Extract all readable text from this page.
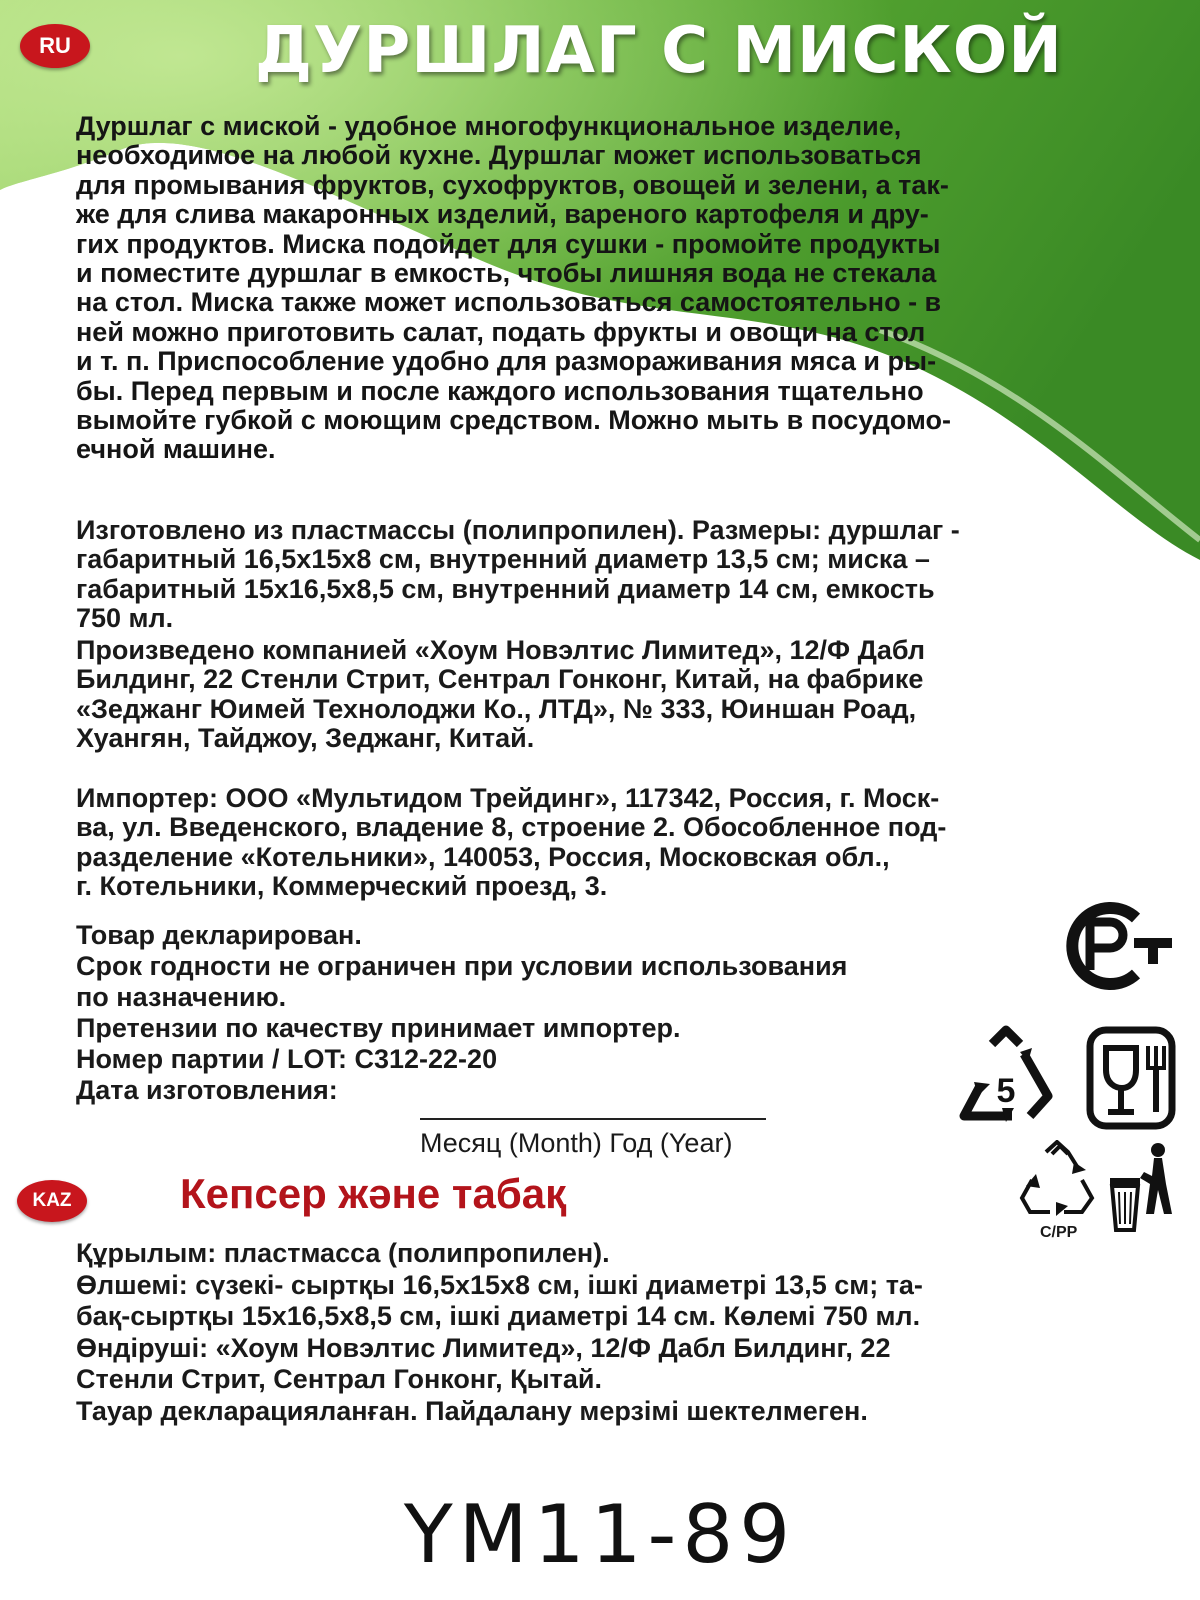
RU	ДУРШЛАГ С МИСКОЙ
Дуршлаг с миской - удобное многофункциональное изделие,
необходимое на любой кухне. Дуршлаг может использоваться
для промывания фруктов, сухофруктов, овощей и зелени, а так-
же для слива макаронных изделий, вареного картофеля и дру-
гих продуктов. Миска подойдет для сушки - промойте продукты
и поместите дуршлаг в емкость, чтобы лишняя вода не стекала
на стол. Миска также может использоваться самостоятельно - в
ней можно приготовить салат, подать фрукты и овощи на стол
и т. п. Приспособление удобно для размораживания мяса и ры-
бы. Перед первым и после каждого использования тщательно
вымойте губкой с моющим средством. Можно мыть в посудомо-
ечной машине.
Изготовлено из пластмассы (полипропилен). Размеры: дуршлаг -
габаритный 16,5х15х8 см, внутренний диаметр 13,5 см; миска –
габаритный 15х16,5х8,5 см, внутренний диаметр 14 см, емкость
750 мл.
Произведено компанией «Хоум Новэлтис Лимитед», 12/Ф Дабл
Билдинг, 22 Стенли Стрит, Сентрал Гонконг, Китай, на фабрике
«Зеджанг Юимей Технолоджи Ко., ЛТД», № 333, Юиншан Роад,
Хуангян, Тайджоу, Зеджанг, Китай.
Импортер: ООО «Мультидом Трейдинг», 117342, Россия, г. Моск-
ва, ул. Введенского, владение 8, строение 2. Обособленное под-
разделение «Котельники», 140053, Россия, Московская обл.,
г. Котельники, Коммерческий проезд, 3.
Товар декларирован.
Срок годности не ограничен при условии использования
по назначению.
Претензии по качеству принимает импортер.
Номер партии / LOT: C312-22-20
Дата изготовления:
Месяц (Month) Год (Year)
5
C/PP
KAZ	Кепсер және табақ
Құрылым: пластмасса (полипропилен).
Өлшемі: сүзекі- сыртқы 16,5х15х8 см, ішкі диаметрі 13,5 см; та-
бақ-сыртқы 15х16,5х8,5 см, ішкі диаметрі 14 см. Көлемі 750 мл.
Өндіруші: «Хоум Новэлтис Лимитед», 12/Ф Дабл Билдинг, 22
Стенли Стрит, Сентрал Гонконг, Қытай.
Тауар декларацияланған. Пайдалану мерзімі шектелмеген.
YM11-89
